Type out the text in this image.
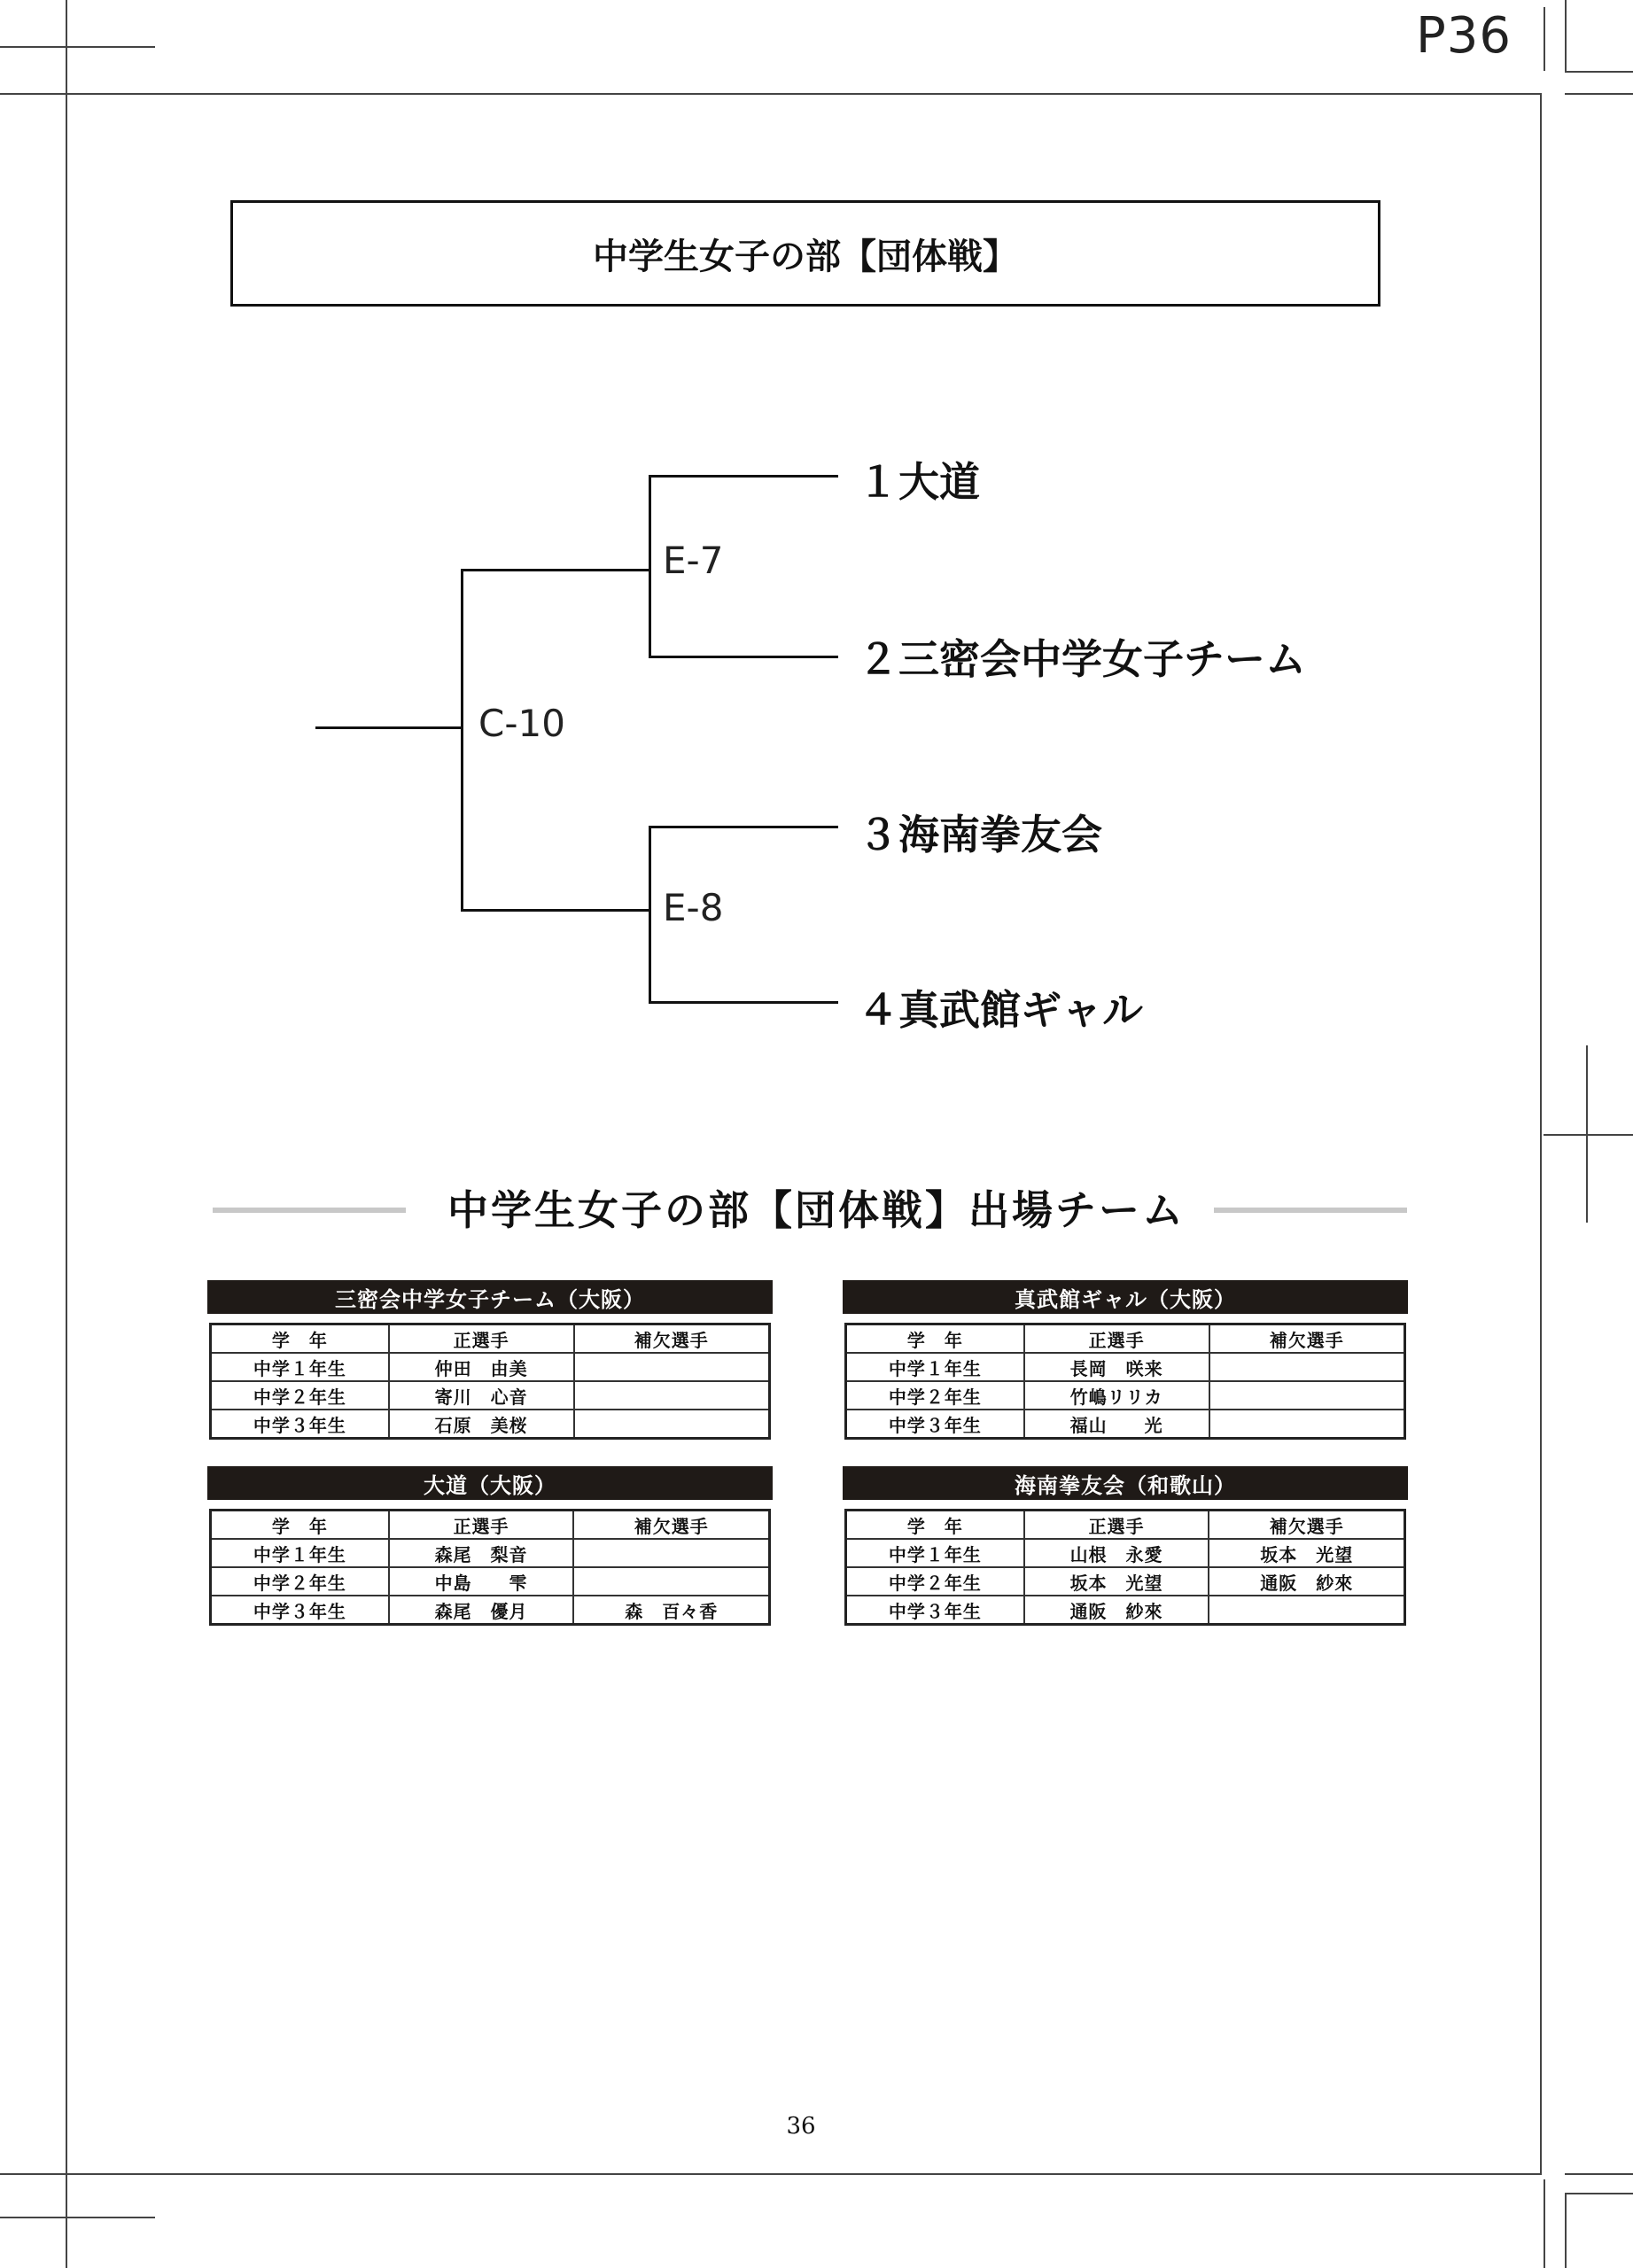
P36
中学生女子の部【団体戦】
C-10
E-7
E-8
１大道
２三密会中学女子チーム
３海南拳友会
４真武館ギャル
中学生女子の部【団体戦】出場チーム
三密会中学女子チーム（大阪）
学　年	正選手	補欠選手
中学１年生	仲田　由美	
中学２年生	寄川　心音	
中学３年生	石原　美桜	
真武館ギャル（大阪）
学　年	正選手	補欠選手
中学１年生	長岡　咲来	
中学２年生	竹嶋リリカ	
中学３年生	福山　　光	
大道（大阪）
学　年	正選手	補欠選手
中学１年生	森尾　梨音	
中学２年生	中島　　雫	
中学３年生	森尾　優月	森　百々香
海南拳友会（和歌山）
学　年	正選手	補欠選手
中学１年生	山根　永愛	坂本　光望
中学２年生	坂本　光望	通阪　紗來
中学３年生	通阪　紗來	
36
